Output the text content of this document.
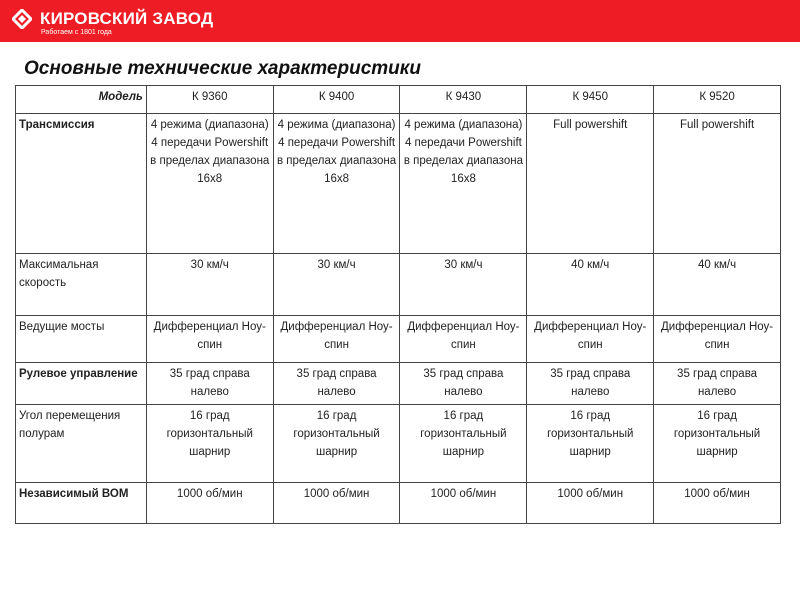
КИРОВСКИЙ ЗАВОД
Работаем с 1801 года
Основные технические характеристики
Модель	К 9360	К 9400	К 9430	К 9450	К 9520
Трансмиссия	4 режима (диапазона) 4 передачи Powershift в пределах диапазона 16х8	4 режима (диапазона) 4 передачи Powershift в пределах диапазона 16х8	4 режима (диапазона) 4 передачи Powershift в пределах диапазона 16х8	Full powershift	Full powershift
Максимальная скорость	30 км/ч	30 км/ч	30 км/ч	40 км/ч	40 км/ч
Ведущие мосты	Дифференциал Ноу-спин	Дифференциал Ноу-спин	Дифференциал Ноу-спин	Дифференциал Ноу-спин	Дифференциал Ноу-спин
Рулевое управление	35 град справа налево	35 град справа налево	35 град справа налево	35 град справа налево	35 град справа налево
Угол перемещения полурам	16 град горизонтальный шарнир	16 град горизонтальный шарнир	16 град горизонтальный шарнир	16 град горизонтальный шарнир	16 град горизонтальный шарнир
Независимый ВОМ	1000 об/мин	1000 об/мин	1000 об/мин	1000 об/мин	1000 об/мин
